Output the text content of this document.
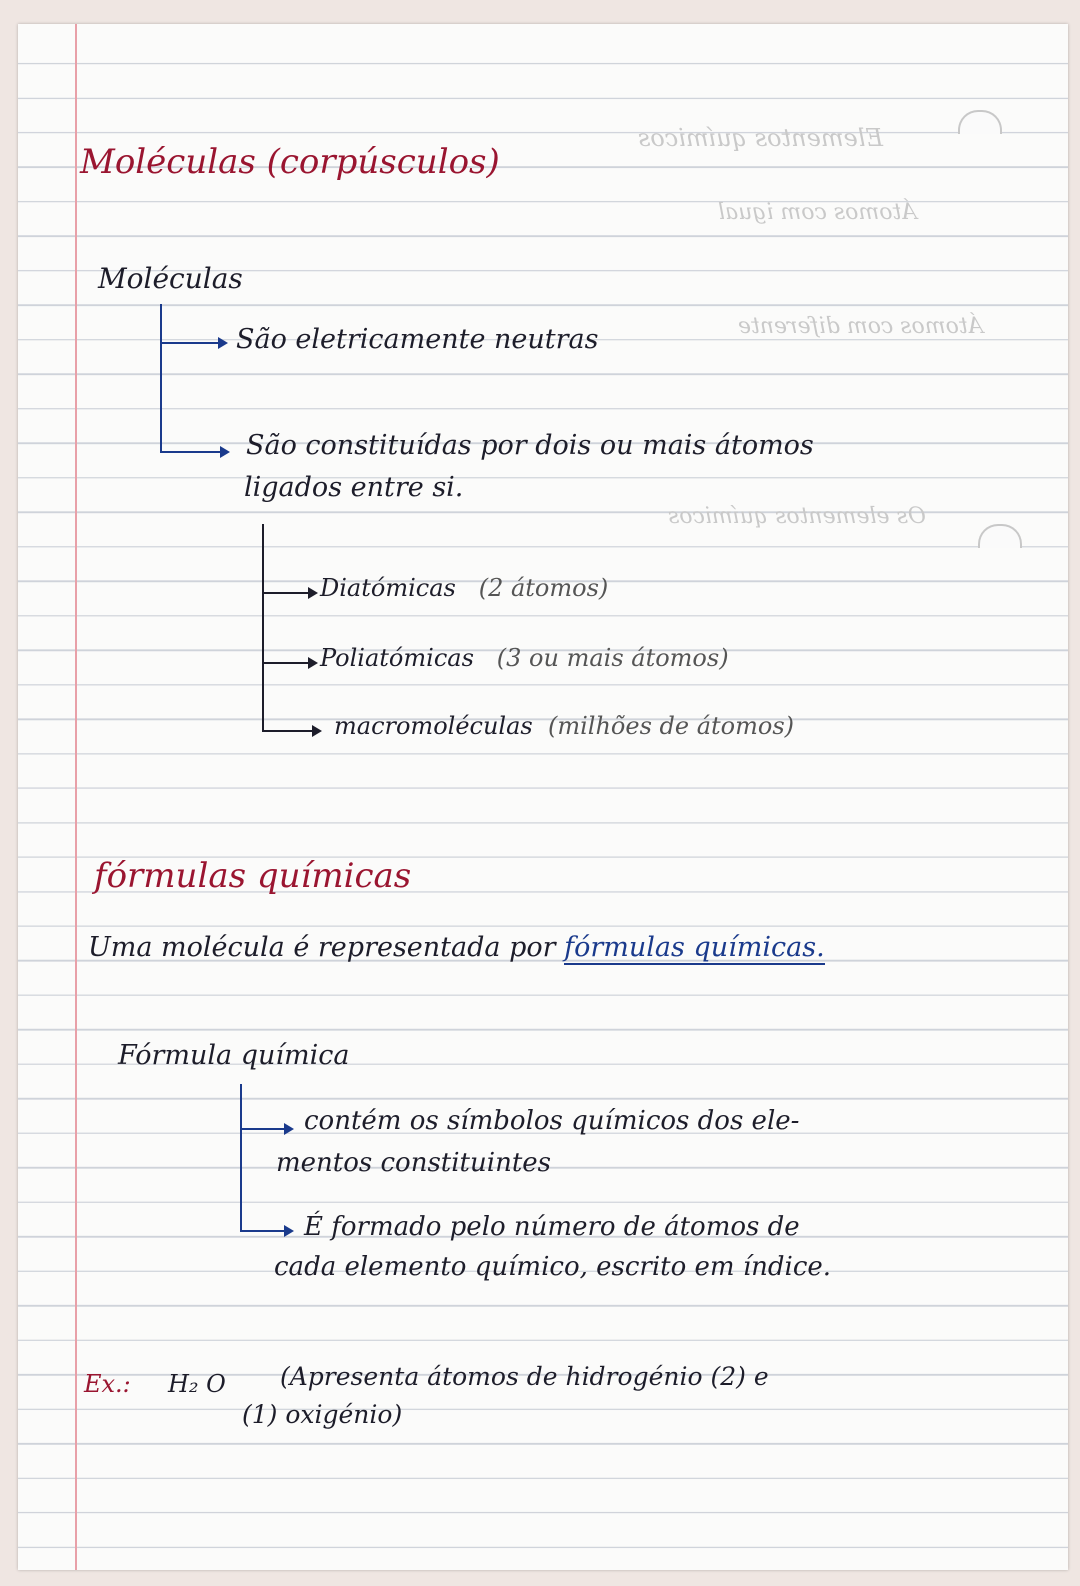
Elementos químicos
Átomos com igual
Átomos com diferente
Os elementos químicos
Moléculas (corpúsculos)
Moléculas
São eletricamente neutras
São constituídas por dois ou mais átomos
ligados entre si.
Diatómicas (2 átomos)
Poliatómicas (3 ou mais átomos)
macromoléculas (milhões de átomos)
fórmulas químicas
Uma molécula é representada por fórmulas químicas.
Fórmula química
contém os símbolos químicos dos ele-
mentos constituintes
É formado pelo número de átomos de
cada elemento químico, escrito em índice.
Ex.: H₂ O (Apresenta átomos de hidrogénio (2) e
(1) oxigénio)
